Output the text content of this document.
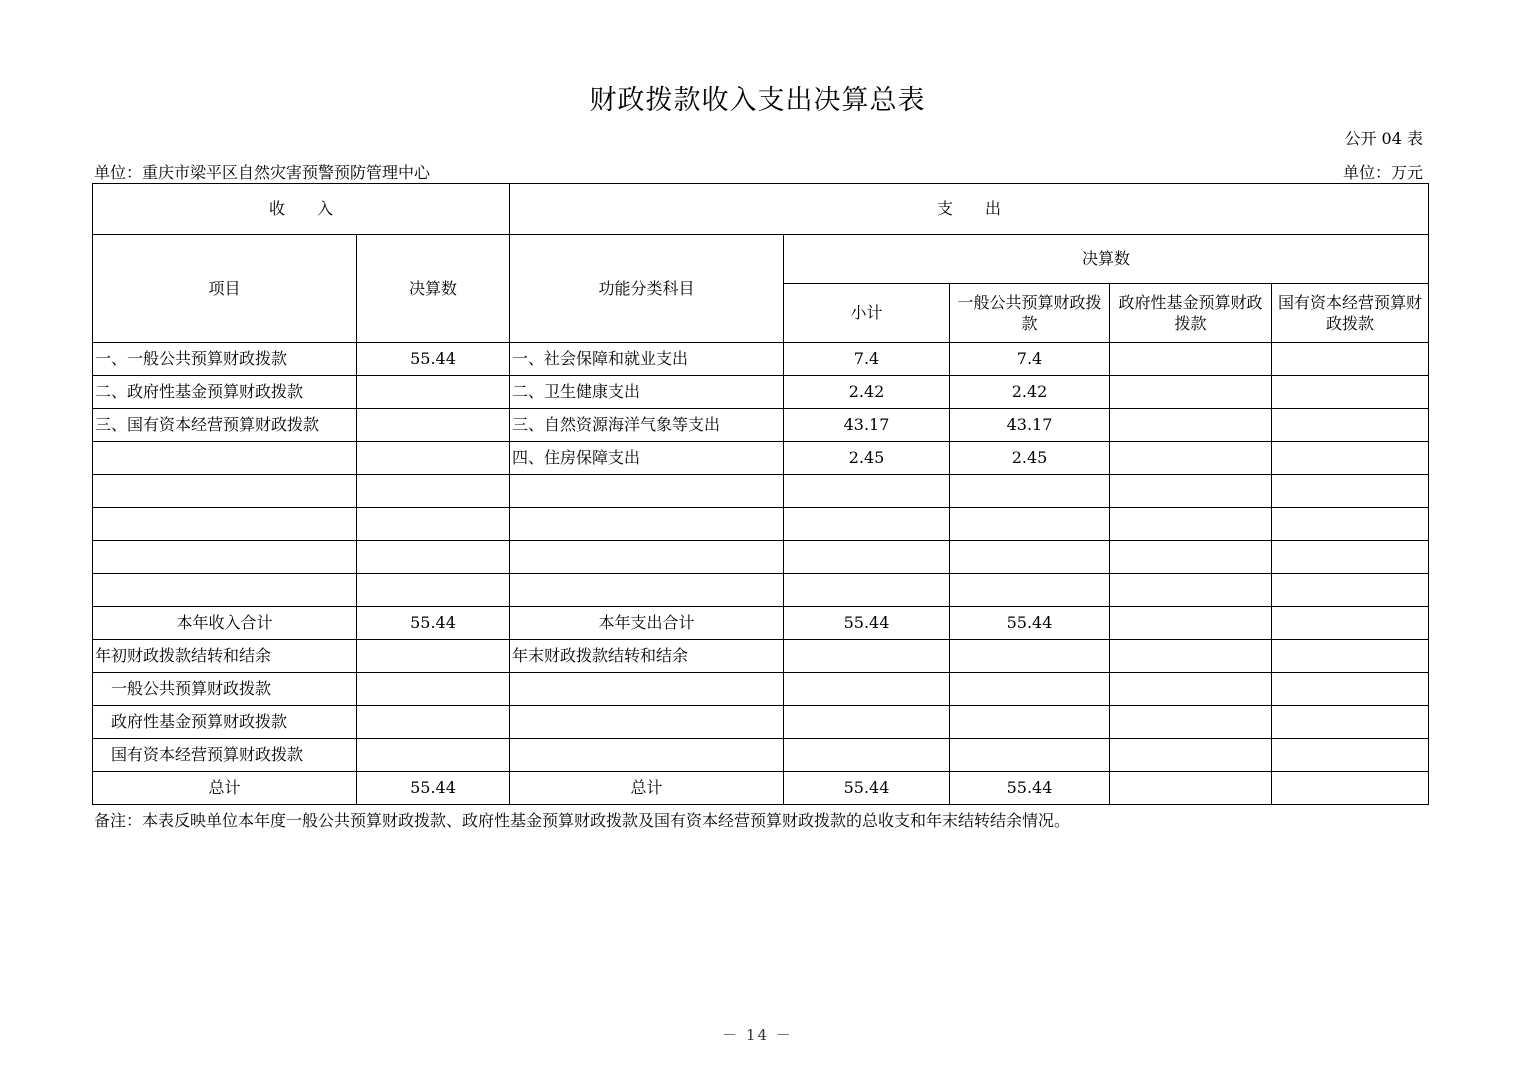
财政拨款收入支出决算总表
公开 04 表
单位：重庆市梁平区自然灾害预警预防管理中心	单位：万元
收　　入		支　　出				
项目	决算数	功能分类科目	决算数			
			小计	一般公共预算财政拨款	政府性基金预算财政拨款	国有资本经营预算财政拨款
一、一般公共预算财政拨款	55.44	一、社会保障和就业支出	7.4	7.4		
二、政府性基金预算财政拨款		二、卫生健康支出	2.42	2.42		
三、国有资本经营预算财政拨款		三、自然资源海洋气象等支出	43.17	43.17		
		四、住房保障支出	2.45	2.45		

本年收入合计	55.44	本年支出合计	55.44	55.44		
年初财政拨款结转和结余		年末财政拨款结转和结余				
一般公共预算财政拨款						
政府性基金预算财政拨款						
国有资本经营预算财政拨款						
总计	55.44	总计	55.44	55.44		
备注：本表反映单位本年度一般公共预算财政拨款、政府性基金预算财政拨款及国有资本经营预算财政拨款的总收支和年末结转结余情况。
－ 14 －
